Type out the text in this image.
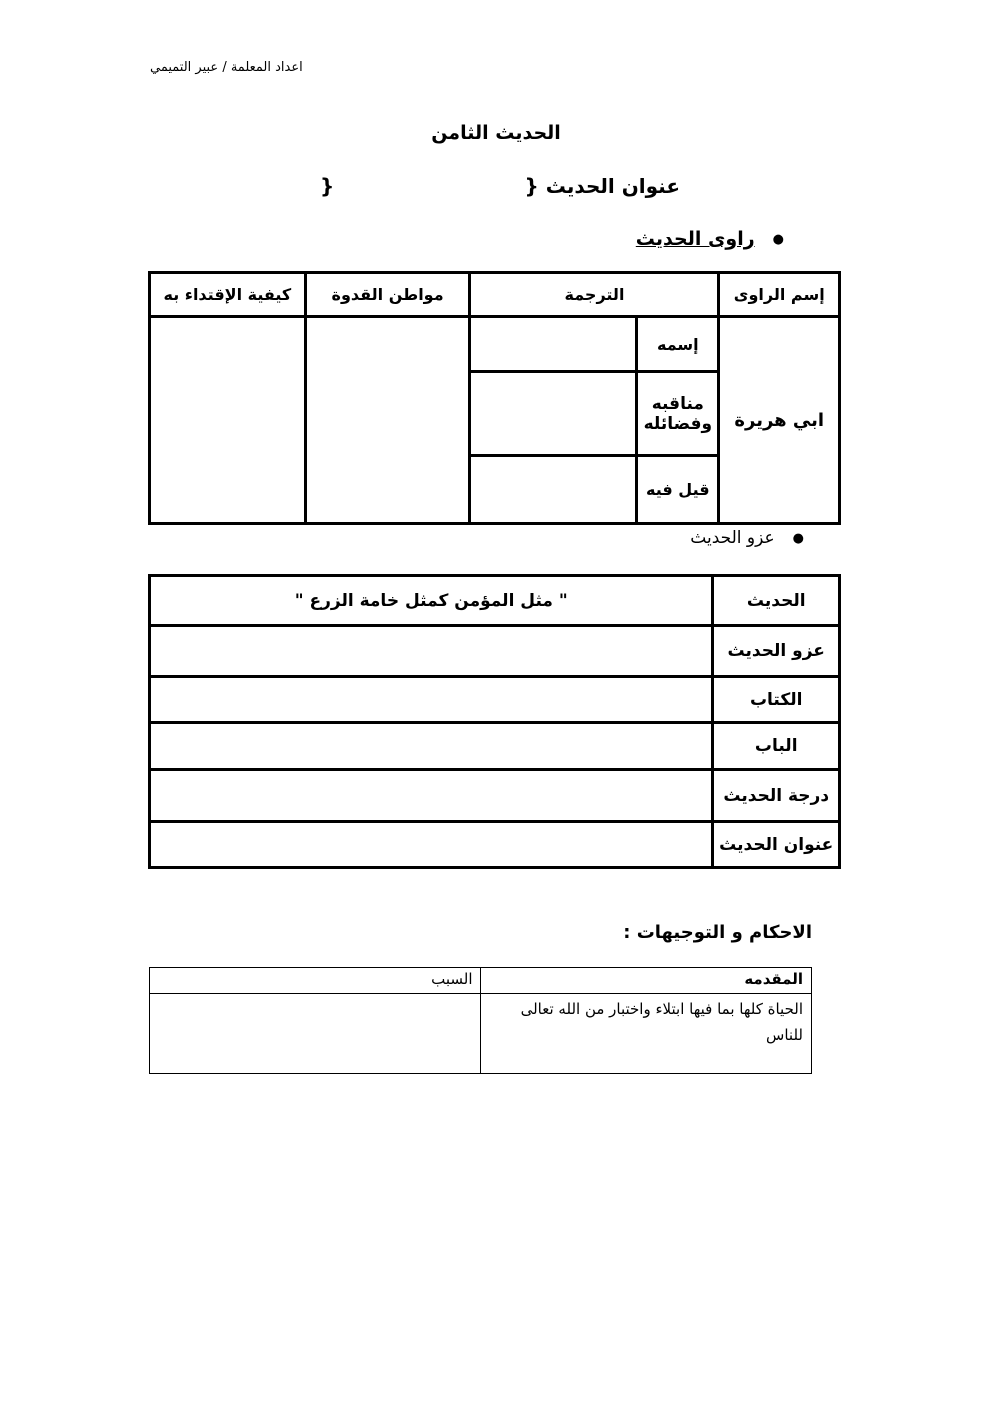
اعداد المعلمة / عبير التميمي
الحديث الثامن
عنوان الحديث {
}
●
راوى الحديث
إسم الراوى	الترجمة		مواطن القدوة	كيفية الإقتداء به
ابي هريرة	إسمه			
	مناقبه وفضائله			
	قيل فيه			
●
عزو الحديث
الحديث	" مثل المؤمن كمثل خامة الزرع "
عزو الحديث	
الكتاب	
الباب	
درجة الحديث	
عنوان الحديث	
الاحكام و التوجيهات :
المقدمه	السبب
الحياة كلها بما فيها ابتلاء واختبار من الله تعالى للناس	
